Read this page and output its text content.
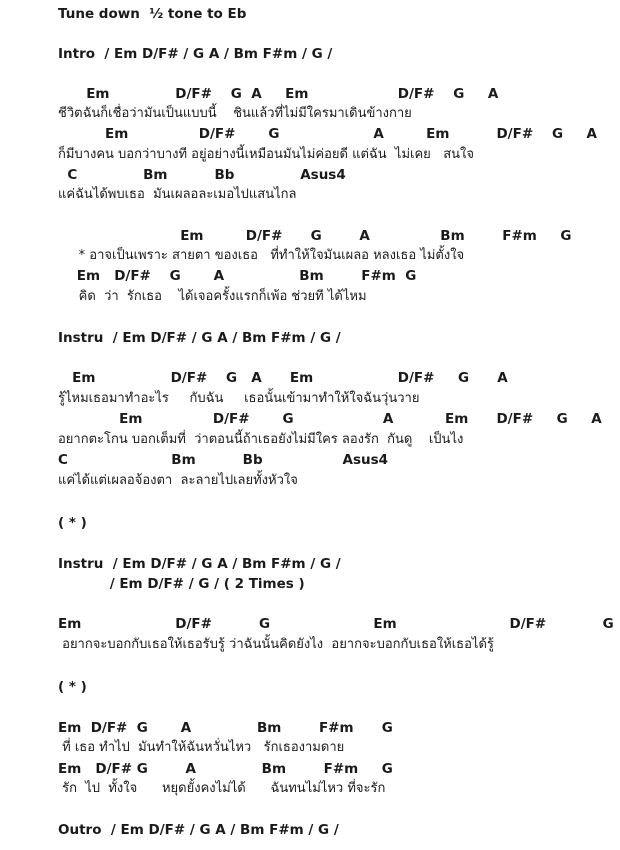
Tune down  ½ tone to Eb
Intro  / Em D/F# / G A / Bm F#m / G /
Em              D/F#    G  A     Em                   D/F#    G     A
ชีวิตฉันก็เชื่อว่ามันเป็นแบบนี้    ชินแล้วที่ไม่มีใครมาเดินข้างกาย
Em               D/F#       G                    A         Em          D/F#    G     A
ก็มีบางคน บอกว่าบางที อยู่อย่างนี้เหมือนมันไม่ค่อยดี แต่ฉัน  ไม่เคย   สนใจ
C              Bm          Bb              Asus4
แค่ฉันได้พบเธอ  มันเผลอละเมอไปแสนไกล
Em         D/F#      G        A               Bm        F#m     G
* อาจเป็นเพราะ สายตา ของเธอ   ที่ทำให้ใจมันเผลอ หลงเธอ ไม่ตั้งใจ
Em   D/F#    G       A                Bm        F#m  G
คิด  ว่า  รักเธอ    ได้เจอครั้งแรกก็เพ้อ ช่วยที ได้ไหม
Instru  / Em D/F# / G A / Bm F#m / G /
Em                D/F#    G   A      Em                  D/F#     G      A
รู้ไหมเธอมาทำอะไร     กับฉัน     เธอนั้นเข้ามาทำให้ใจฉันวุ่นวาย
Em               D/F#       G                   A           Em      D/F#     G     A
อยากตะโกน บอกเต็มที่  ว่าตอนนี้ถ้าเธอยังไม่มีใคร ลองรัก  กันดู    เป็นไง
C                      Bm          Bb                 Asus4
แค่ได้แต่เผลอจ้องตา  ละลายไปเลยทั้งหัวใจ
( * )
Instru  / Em D/F# / G A / Bm F#m / G /
/ Em D/F# / G / ( 2 Times )
Em                    D/F#          G                      Em                        D/F#            G
อยากจะบอกกับเธอให้เธอรับรู้ ว่าฉันนั้นคิดยังไง  อยากจะบอกกับเธอให้เธอได้รู้
( * )
Em  D/F#  G       A              Bm        F#m      G
ที่ เธอ ทำไป  มันทำให้ฉันหวั่นไหว   รักเธองามดาย
Em   D/F# G        A              Bm        F#m     G
รัก  ไป  ทั้งใจ      หยุดยั้งคงไม่ได้      ฉันทนไม่ไหว ที่จะรัก
Outro  / Em D/F# / G A / Bm F#m / G /
